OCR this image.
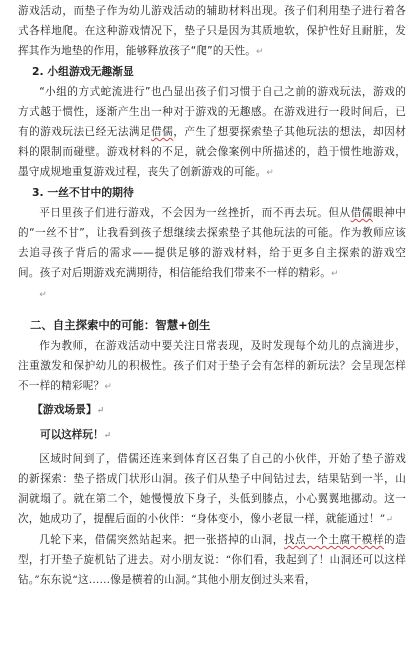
游戏活动，而垫子作为幼儿游戏活动的辅助材料出现。孩子们利用垫子进行着各式各样地爬。在这种游戏情况下，垫子只是因为其质地软，保护性好且耐脏，发挥其作为地垫的作用，能够释放孩子“爬”的天性。↵

2. 小组游戏无趣渐显

“小组的方式蛇流进行”也凸显出孩子们习惯于自己之前的游戏玩法，游戏的方式越于惯性，逐渐产生出一种对于游戏的无趣感。在游戏进行一段时间后，已有的游戏玩法已经无法满足借儒，产生了想要探索垫子其他玩法的想法，却因材料的限制而碰壁。游戏材料的不足，就会像案例中所描述的，趋于惯性地游戏，墨守成规地重复游戏过程，丧失了创新游戏的可能。↵

3. 一丝不甘中的期待

平日里孩子们进行游戏，不会因为一丝挫折，而不再去玩。但从借儒眼神中的“一丝不甘”，让我看到孩子想继续去探索垫子其他玩法的可能。作为教师应该去追寻孩子背后的需求——提供足够的游戏材料，给于更多自主探索的游戏空间。孩子对后期游戏充满期待，相信能给我们带来不一样的精彩。↵

↵

二、自主探索中的可能：智慧+创生

作为教师，在游戏活动中要关注日常表现，及时发现每个幼儿的点滴进步，注重激发和保护幼儿的积极性。孩子们对于垫子会有怎样的新玩法？会呈现怎样不一样的精彩呢？↵

【游戏场景】↵
可以这样玩！↵

区域时间到了，借儒还连来到体育区召集了自己的小伙伴，开始了垫子游戏的新探索：垫子搭成门状形山洞。孩子们从垫子中间钻过去，结果钻到一半，山洞就塌了。就在第二个，她慢慢放下身子，头低到膝点，小心翼翼地挪动。这一次，她成功了，提醒后面的小伙伴：“身体变小，像小老鼠一样，就能通过！”↵

几轮下来，借儒突然站起来。把一张搭掉的山洞，找点一个土腐干模样的造型，打开垫子旋机钻了进去。对小朋友说：“你们看，我起到了！山洞还可以这样钻。”东东说“这……像是横着的山洞。”其他小朋友倒过头来看，
